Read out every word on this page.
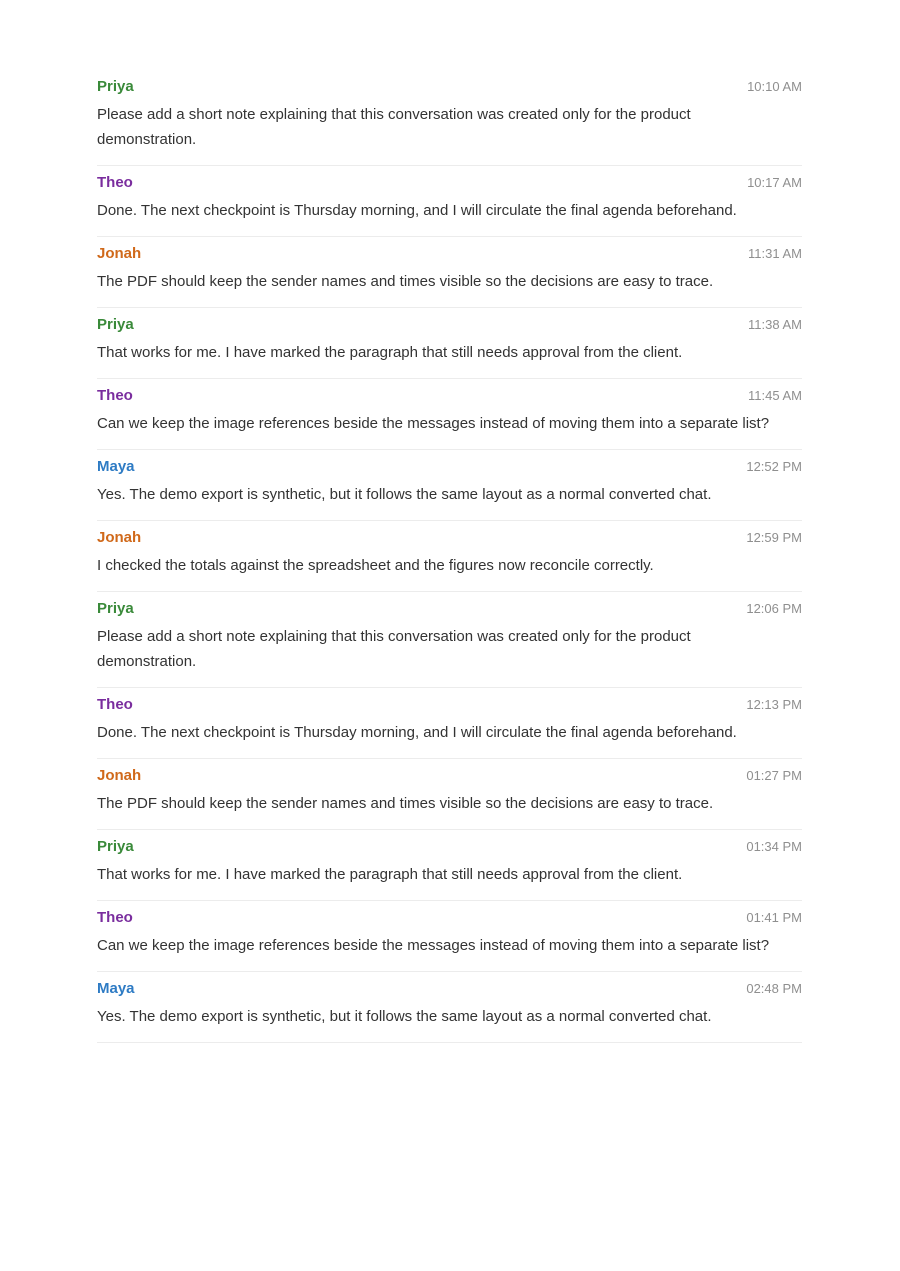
Priya	10:10 AM
Please add a short note explaining that this conversation was created only for the product demonstration.
Theo	10:17 AM
Done. The next checkpoint is Thursday morning, and I will circulate the final agenda beforehand.
Jonah	11:31 AM
The PDF should keep the sender names and times visible so the decisions are easy to trace.
Priya	11:38 AM
That works for me. I have marked the paragraph that still needs approval from the client.
Theo	11:45 AM
Can we keep the image references beside the messages instead of moving them into a separate list?
Maya	12:52 PM
Yes. The demo export is synthetic, but it follows the same layout as a normal converted chat.
Jonah	12:59 PM
I checked the totals against the spreadsheet and the figures now reconcile correctly.
Priya	12:06 PM
Please add a short note explaining that this conversation was created only for the product demonstration.
Theo	12:13 PM
Done. The next checkpoint is Thursday morning, and I will circulate the final agenda beforehand.
Jonah	01:27 PM
The PDF should keep the sender names and times visible so the decisions are easy to trace.
Priya	01:34 PM
That works for me. I have marked the paragraph that still needs approval from the client.
Theo	01:41 PM
Can we keep the image references beside the messages instead of moving them into a separate list?
Maya	02:48 PM
Yes. The demo export is synthetic, but it follows the same layout as a normal converted chat.
